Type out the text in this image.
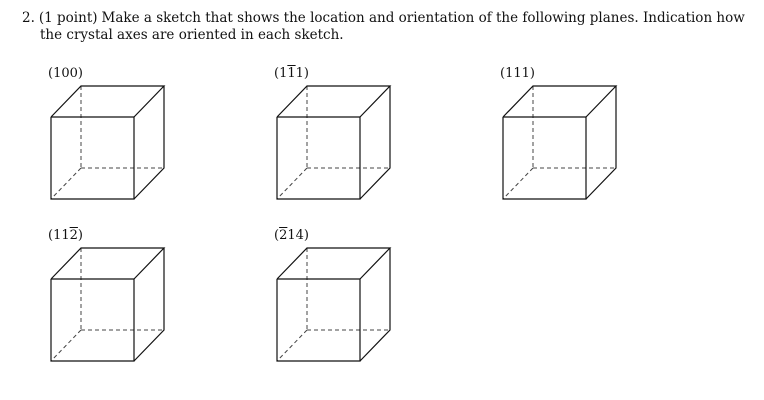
2. (1 point) Make a sketch that shows the location and orientation of the following planes. Indication how
the crystal axes are oriented in each sketch.
(100)	(111)	(111)
(112)	(214)
